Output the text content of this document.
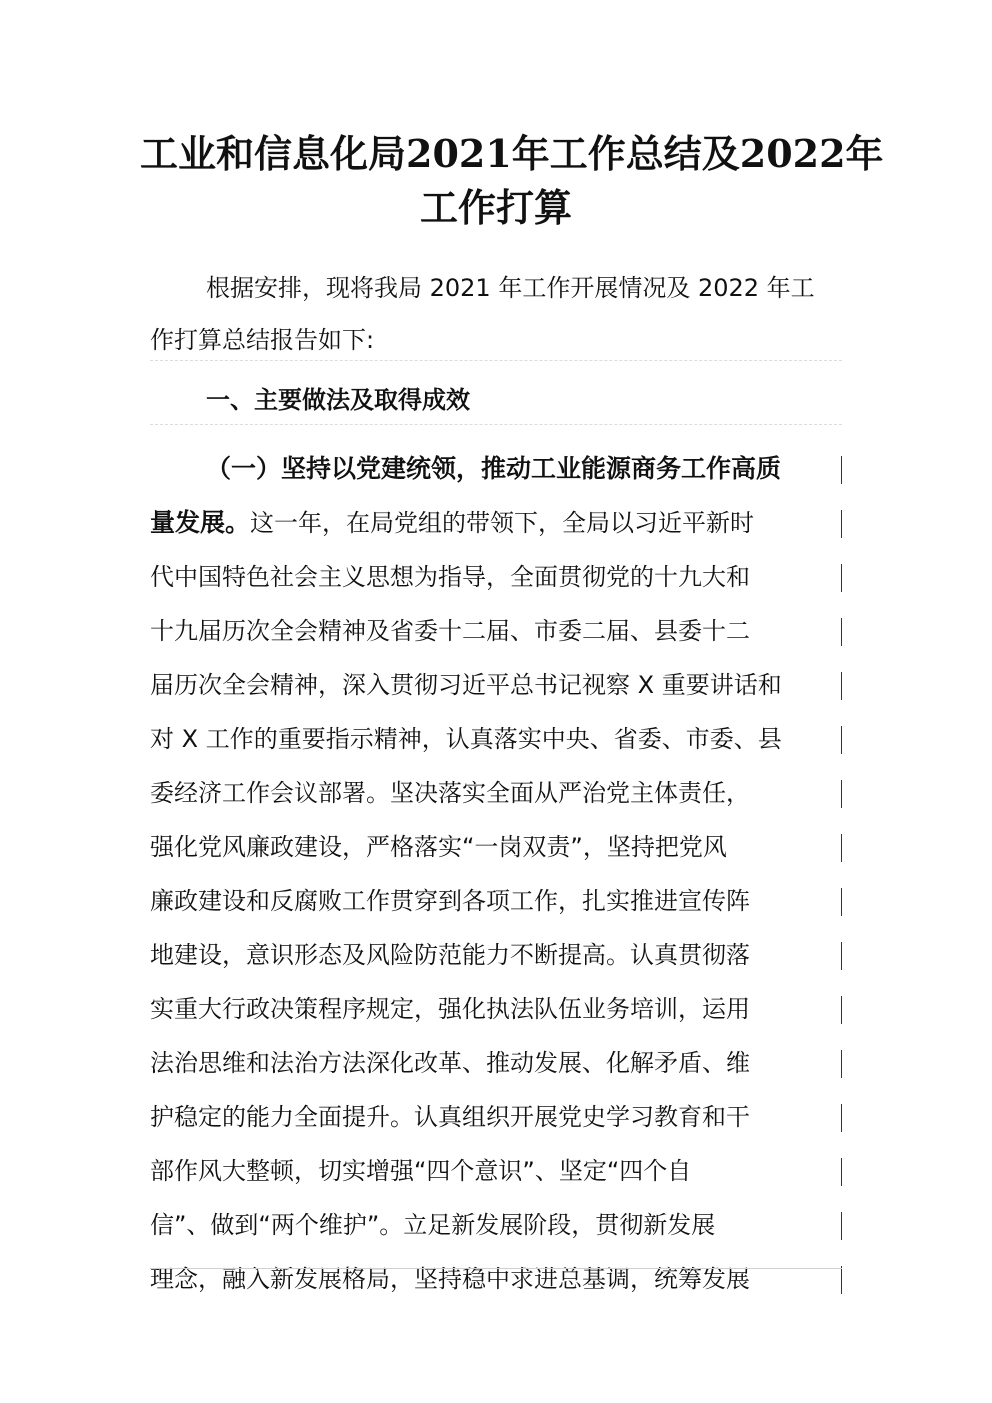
工业和信息化局2021年工作总结及2022年
工作打算
根据安排，现将我局 2021 年工作开展情况及 2022 年工
作打算总结报告如下:
一、主要做法及取得成效
（一）坚持以党建统领，推动工业能源商务工作高质
量发展。这一年，在局党组的带领下，全局以习近平新时
代中国特色社会主义思想为指导，全面贯彻党的十九大和
十九届历次全会精神及省委十二届、市委二届、县委十二
届历次全会精神，深入贯彻习近平总书记视察 X 重要讲话和
对 X 工作的重要指示精神，认真落实中央、省委、市委、县
委经济工作会议部署。坚决落实全面从严治党主体责任，
强化党风廉政建设，严格落实“一岗双责”，坚持把党风
廉政建设和反腐败工作贯穿到各项工作，扎实推进宣传阵
地建设，意识形态及风险防范能力不断提高。认真贯彻落
实重大行政决策程序规定，强化执法队伍业务培训，运用
法治思维和法治方法深化改革、推动发展、化解矛盾、维
护稳定的能力全面提升。认真组织开展党史学习教育和干
部作风大整顿，切实增强“四个意识”、坚定“四个自
信”、做到“两个维护”。立足新发展阶段，贯彻新发展
理念，融入新发展格局，坚持稳中求进总基调，统筹发展
